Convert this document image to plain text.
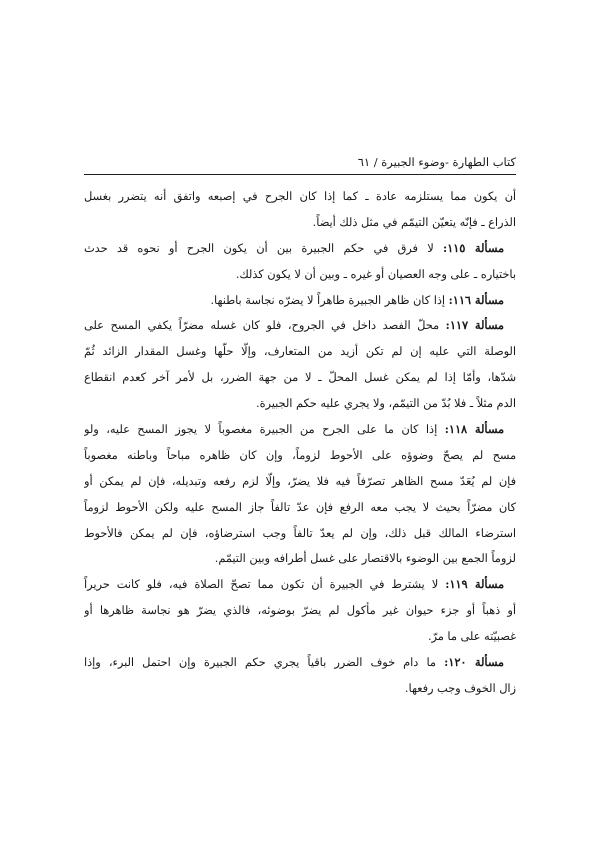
كتاب الطهارة -وضوء الجبيرة / ٦١
أن يكون مما يستلزمه عادة ـ كما إذا كان الجرح في إصبعه واتفق أنه يتضرر بغسل
الذراع ـ فإنّه يتعيّن التيمّم في مثل ذلك أيضاً.
مسألة ١١٥: لا فرق في حكم الجبيرة بين أن يكون الجرح أو نحوه قد حدث
باختياره ـ على وجه العصيان أو غيره ـ وبين أن لا يكون كذلك.
مسألة ١١٦: إذا كان ظاهر الجبيرة طاهراً لا يضرّه نجاسة باطنها.
مسألة ١١٧: محلّ الفصد داخل في الجروح، فلو كان غسله مضرّاً يكفي المسح على
الوصلة التي عليه إن لم تكن أزيد من المتعارف، وإلّا حلّها وغسل المقدار الزائد ثُمّ
شدّها، وأمّا إذا لم يمكن غسل المحلّ ـ لا من جهة الضرر، بل لأمر آخر كعدم انقطاع
الدم مثلاً ـ فلا بُدّ من التيمّم، ولا يجري عليه حكم الجبيرة.
مسألة ١١٨: إذا كان ما على الجرح من الجبيرة مغصوباً لا يجوز المسح عليه، ولو
مسح لم يصحّ وضوؤه على الأحوط لزوماً، وإن كان ظاهره مباحاً وباطنه مغصوباً
فإن لم يُعَدّ مسح الظاهر تصرّفاً فيه فلا يضرّ، وإلّا لزم رفعه وتبديله، فإن لم يمكن أو
كان مضرّاً بحيث لا يجب معه الرفع فإن عدّ تالفاً جاز المسح عليه ولكن الأحوط لزوماً
استرضاء المالك قبل ذلك، وإن لم يعدّ تالفاً وجب استرضاؤه، فإن لم يمكن فالأحوط
لزوماً الجمع بين الوضوء بالاقتصار على غسل أطرافه وبين التيمّم.
مسألة ١١٩: لا يشترط في الجبيرة أن تكون مما تصحّ الصلاة فيه، فلو كانت حريراً
أو ذهباً أو جزء حيوان غير مأكول لم يضرّ بوضوئه، فالذي يضرّ هو نجاسة ظاهرها أو
غصبيّته على ما مرّ.
مسألة ١٢٠: ما دام خوف الضرر باقياً يجري حكم الجبيرة وإن احتمل البرء، وإذا
زال الخوف وجب رفعها.
